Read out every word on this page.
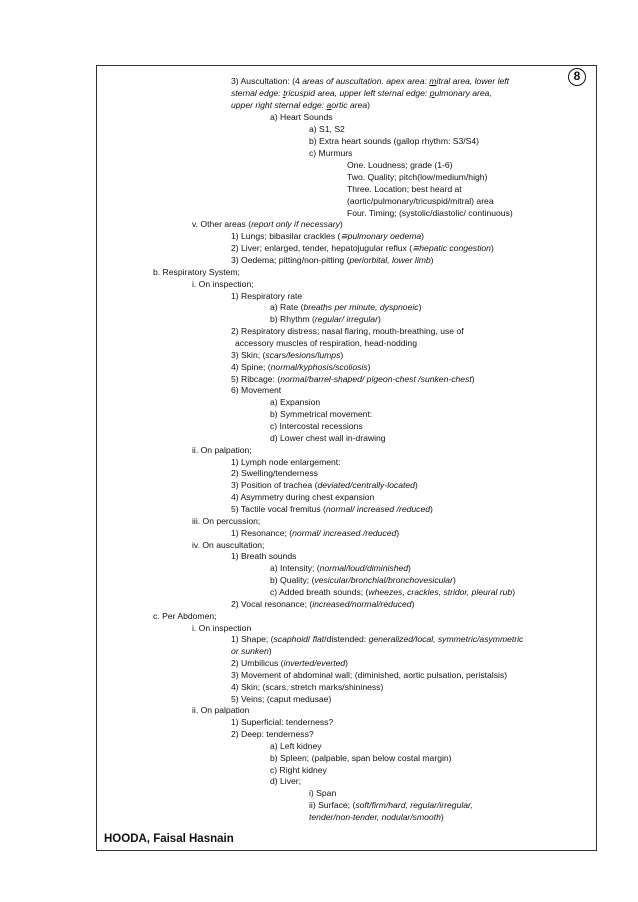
8
3) Auscultation: (4 areas of auscultation. apex area: mitral area, lower left
sternal edge: tricuspid area, upper left sternal edge: pulmonary area,
upper right sternal edge: aortic area)
a) Heart Sounds
a) S1, S2
b) Extra heart sounds (gallop rhythm: S3/S4)
c) Murmurs
One. Loudness; grade (1-6)
Two. Quality; pitch(low/medium/high)
Three. Location; best heard at
(aortic/pulmonary/tricuspid/mitral) area
Four. Timing; (systolic/diastolic/ continuous)
v. Other areas (report only if necessary)
1) Lungs; bibasilar crackles (≅pulmonary oedema)
2) Liver; enlarged, tender, hepatojugular reflux (≅hepatic congestion)
3) Oedema; pitting/non-pitting (periorbital, lower limb)
b. Respiratory System;
i. On inspection;
1) Respiratory rate
a) Rate (breaths per minute, dyspnoeic)
b) Rhythm (regular/ irregular)
2) Respiratory distress; nasal flaring, mouth-breathing, use of
accessory muscles of respiration, head-nodding
3) Skin; (scars/lesions/lumps)
4) Spine; (normal/kyphosis/scoliosis)
5) Ribcage: (normal/barrel-shaped/ pigeon-chest /sunken-chest)
6) Movement
a) Expansion
b) Symmetrical movement:
c) Intercostal recessions
d) Lower chest wall in-drawing
ii. On palpation;
1) Lymph node enlargement:
2) Swelling/tenderness
3) Position of trachea (deviated/centrally-located)
4) Asymmetry during chest expansion
5) Tactile vocal fremitus (normal/ increased /reduced)
iii. On percussion;
1) Resonance; (normal/ increased /reduced)
iv. On auscultation;
1) Breath sounds
a) Intensity; (normal/loud/diminished)
b) Quality; (vesicular/bronchial/bronchovesicular)
c) Added breath sounds; (wheezes, crackles, stridor, pleural rub)
2) Vocal resonance; (increased/normal/reduced)
c. Per Abdomen;
i. On inspection
1) Shape; (scaphoid/ flat/distended: generalized/local, symmetric/asymmetric
or sunken)
2) Umbilicus (inverted/everted)
3) Movement of abdominal wall; (diminished, aortic pulsation, peristalsis)
4) Skin; (scars, stretch marks/shininess)
5) Veins; (caput medusae)
ii. On palpation
1) Superficial: tenderness?
2) Deep: tenderness?
a) Left kidney
b) Spleen; (palpable, span below costal margin)
c) Right kidney
d) Liver;
i) Span
ii) Surface; (soft/firm/hard, regular/irregular,
tender/non-tender, nodular/smooth)
HOODA, Faisal Hasnain
